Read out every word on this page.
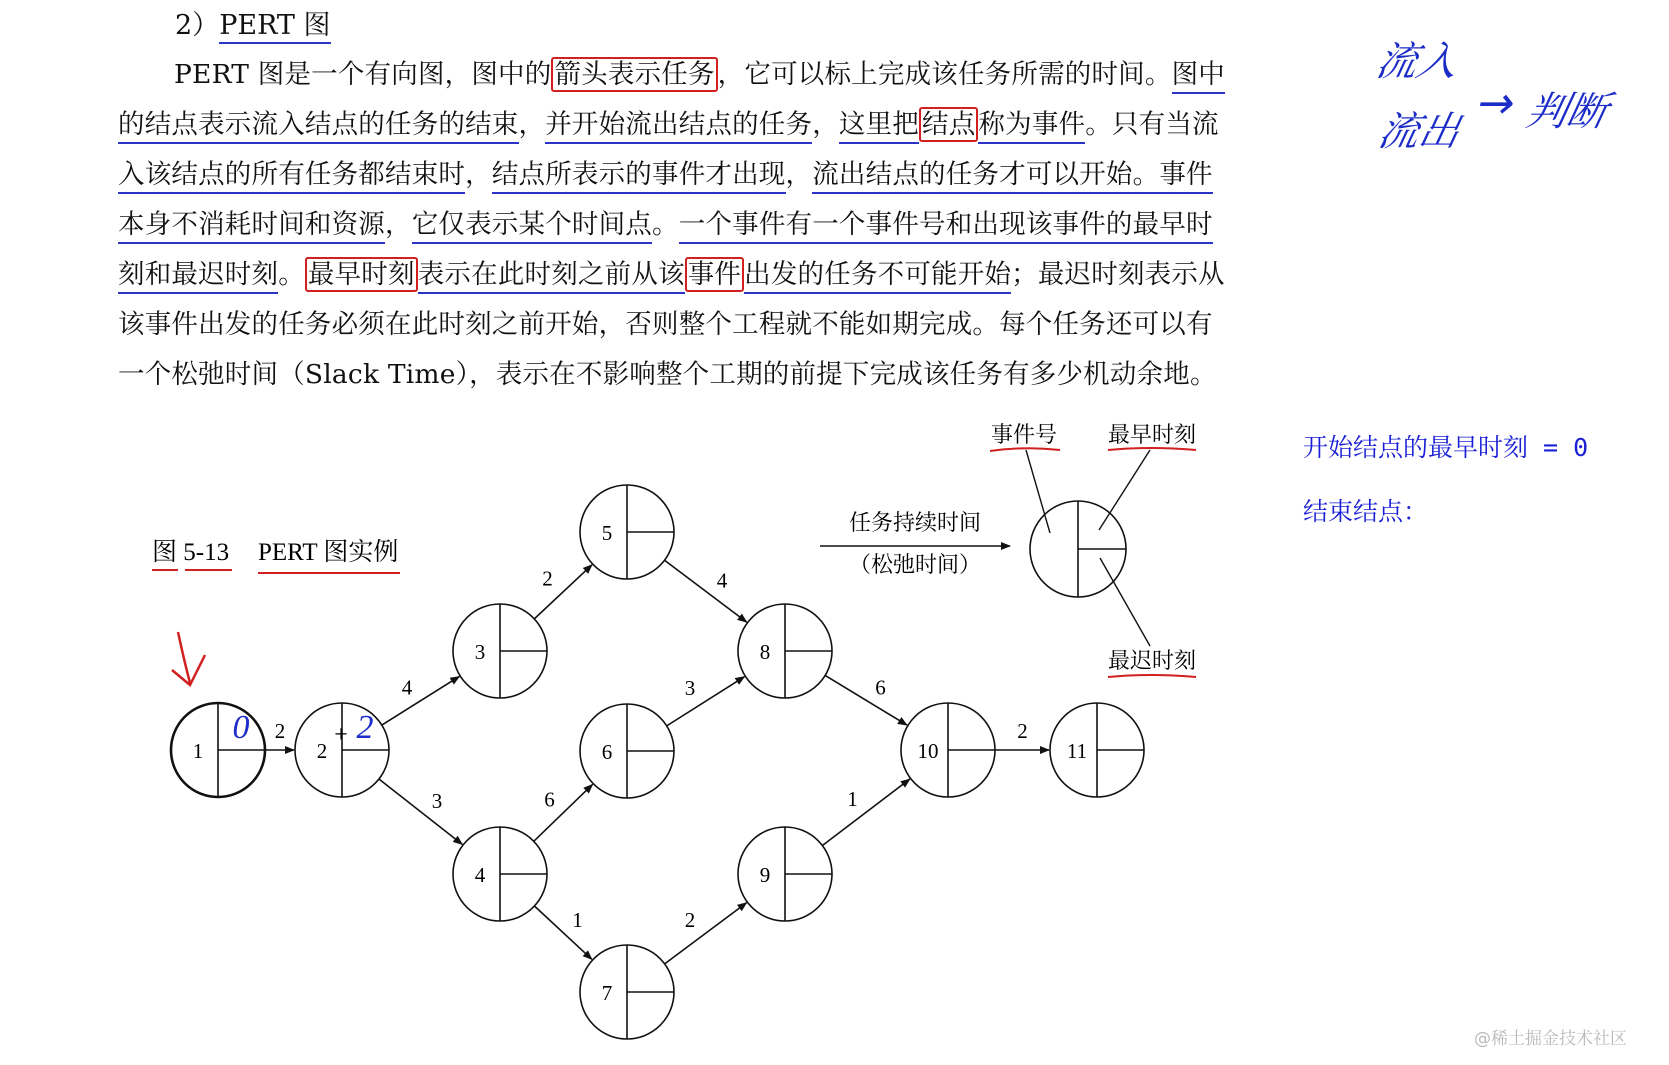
2）PERT 图
PERT 图是一个有向图，图中的 箭头表示任务 ，它可以标上完成该任务所需的时间。图中
的结点表示流入结点的任务的结束，并开始流出结点的任务，这里把 结点 称为事件。只有当流
入该结点的所有任务都结束时，结点所表示的事件才出现，流出结点的任务才可以开始。事件
本身不消耗时间和资源，它仅表示某个时间点。一个事件有一个事件号和出现该事件的最早时
刻和最迟时刻。 最早时刻 表示在此时刻之前从该 事件 出发的任务不可能开始；最迟时刻表示从
该事件出发的任务必须在此时刻之前开始，否则整个工程就不能如期完成。每个任务还可以有
一个松弛时间（Slack Time），表示在不影响整个工期的前提下完成该任务有多少机动余地。
流入
流出
→ 判断
开始结点的最早时刻 = 0
结束结点：
图 5-13 PERT 图实例
2
4
3
2	4
6
3
1	2
6
1
2
1
0
2
2
3
4
5
6
7
8
9
10	11
任务持续时间
（松弛时间）
事件号 最早时刻
最迟时刻
+
@稀土掘金技术社区
